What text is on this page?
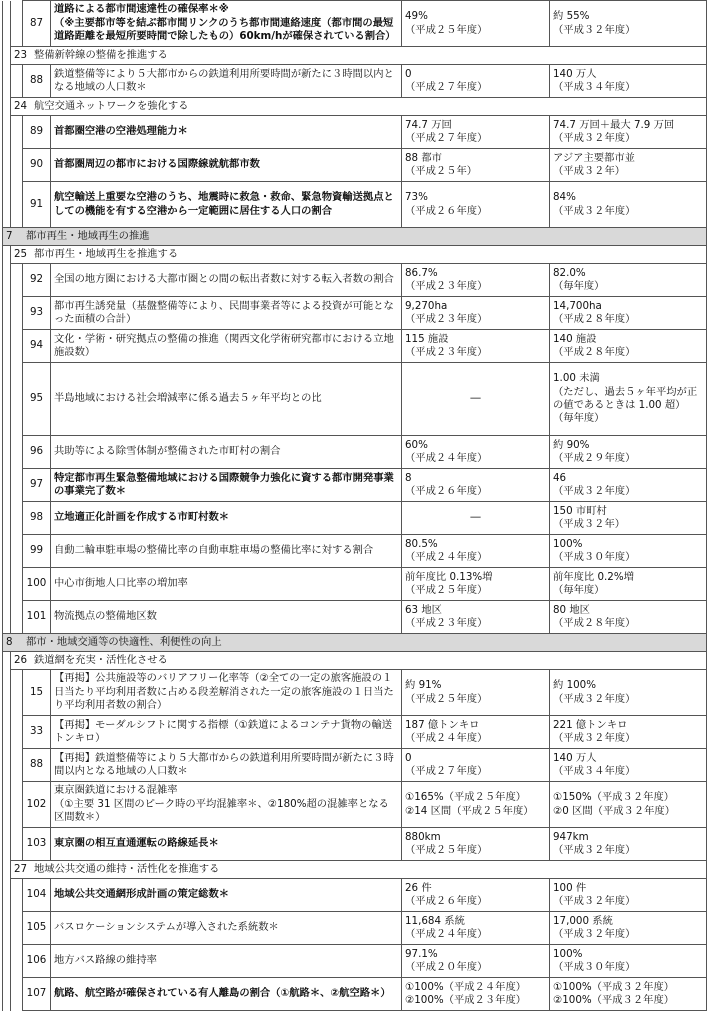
		87	道路による都市間速達性の確保率＊※
（※主要都市等を結ぶ都市間リンクのうち都市間連絡速度（都市間の最短道路距離を最短所要時間で除したもの）60km/hが確保されている割合）	49%
（平成２５年度）	約 55%
（平成３２年度）

	23 整備新幹線の整備を推進する				
		88	鉄道整備等により５大都市からの鉄道利用所要時間が新たに３時間以内となる地域の人口数＊	0
（平成２７年度）	140 万人
（平成３４年度）

	24 航空交通ネットワークを強化する				
		89	首都圏空港の空港処理能力＊	74.7 万回
（平成２７年度）	74.7 万回＋最大 7.9 万回
（平成３２年度）

		90	首都圏周辺の都市における国際線就航都市数	88 都市
（平成２５年）	アジア主要都市並
（平成３２年）

		91	航空輸送上重要な空港のうち、地震時に救急・救命、緊急物資輸送拠点としての機能を有する空港から一定範囲に居住する人口の割合	73%
（平成２６年度）	84%
（平成３２年度）

7 都市再生・地域再生の推進					
	25 都市再生・地域再生を推進する				
		92	全国の地方圏における大都市圏との間の転出者数に対する転入者数の割合	86.7%
（平成２３年度）	82.0%
（毎年度）

		93	都市再生誘発量（基盤整備等により、民間事業者等による投資が可能となった面積の合計）	9,270ha
（平成２３年度）	14,700ha
（平成２８年度）

		94	文化・学術・研究拠点の整備の推進（関西文化学術研究都市における立地施設数）	115 施設
（平成２３年度）	140 施設
（平成２８年度）

		95	半島地域における社会増減率に係る過去５ヶ年平均との比	―	1.00 未満
（ただし、過去５ヶ年平均が正の値であるときは 1.00 超）
（毎年度）

		96	共助等による除雪体制が整備された市町村の割合	60%
（平成２４年度）	約 90%
（平成２９年度）

		97	特定都市再生緊急整備地域における国際競争力強化に資する都市開発事業の事業完了数＊	8
（平成２６年度）	46
（平成３２年度）

		98	立地適正化計画を作成する市町村数＊	―	150 市町村
（平成３２年）

		99	自動二輪車駐車場の整備比率の自動車駐車場の整備比率に対する割合	80.5%
（平成２４年度）	100%
（平成３０年度）

		100	中心市街地人口比率の増加率	前年度比 0.13%増
（平成２５年度）	前年度比 0.2%増
（毎年度）

		101	物流拠点の整備地区数	63 地区
（平成２３年度）	80 地区
（平成２８年度）

8 都市・地域交通等の快適性、利便性の向上					
	26 鉄道網を充実・活性化させる				
		15	【再掲】公共施設等のバリアフリー化率等（②全ての一定の旅客施設の１日当たり平均利用者数に占める段差解消された一定の旅客施設の１日当たり平均利用者数の割合）	約 91%
（平成２５年度）	約 100%
（平成３２年度）

		33	【再掲】モーダルシフトに関する指標（①鉄道によるコンテナ貨物の輸送トンキロ）	187 億トンキロ
（平成２４年度）	221 億トンキロ
（平成３２年度）

		88	【再掲】鉄道整備等により５大都市からの鉄道利用所要時間が新たに３時間以内となる地域の人口数＊	0
（平成２７年度）	140 万人
（平成３４年度）

		102	東京圏鉄道における混雑率
（①主要 31 区間のピーク時の平均混雑率＊、②180%超の混雑率となる区間数＊）	①165%（平成２５年度）
②14 区間（平成２５年度）	①150%（平成３２年度）
②0 区間（平成３２年度）

		103	東京圏の相互直通運転の路線延長＊	880km
（平成２５年度）	947km
（平成３２年度）

	27 地域公共交通の維持・活性化を推進する				
		104	地域公共交通網形成計画の策定総数＊	26 件
（平成２６年度）	100 件
（平成３２年度）

		105	バスロケーションシステムが導入された系統数＊	11,684 系統
（平成２４年度）	17,000 系統
（平成３２年度）

		106	地方バス路線の維持率	97.1%
（平成２０年度）	100%
（平成３０年度）

		107	航路、航空路が確保されている有人離島の割合（①航路＊、②航空路＊）	①100%（平成２４年度）
②100%（平成２３年度）	①100%（平成３２年度）
②100%（平成３２年度）
